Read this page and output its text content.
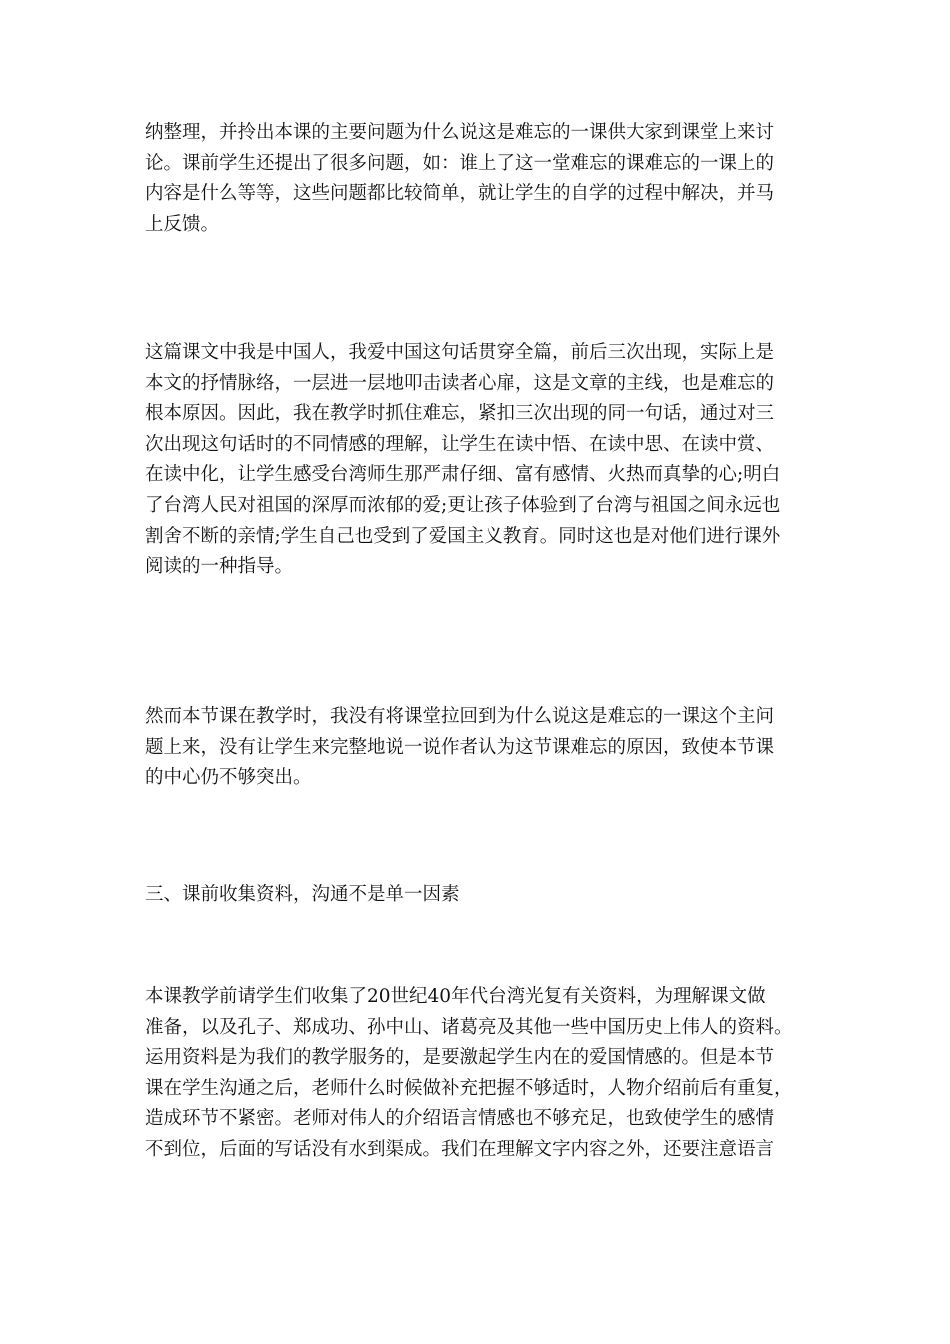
纳整理，并拎出本课的主要问题为什么说这是难忘的一课供大家到课堂上来讨
论。课前学生还提出了很多问题，如：谁上了这一堂难忘的课难忘的一课上的
内容是什么等等，这些问题都比较简单，就让学生的自学的过程中解决，并马
上反馈。
这篇课文中我是中国人，我爱中国这句话贯穿全篇，前后三次出现，实际上是
本文的抒情脉络，一层进一层地叩击读者心扉，这是文章的主线，也是难忘的
根本原因。因此，我在教学时抓住难忘，紧扣三次出现的同一句话，通过对三
次出现这句话时的不同情感的理解，让学生在读中悟、在读中思、在读中赏、
在读中化，让学生感受台湾师生那严肃仔细、富有感情、火热而真挚的心;明白
了台湾人民对祖国的深厚而浓郁的爱;更让孩子体验到了台湾与祖国之间永远也
割舍不断的亲情;学生自己也受到了爱国主义教育。同时这也是对他们进行课外
阅读的一种指导。
然而本节课在教学时，我没有将课堂拉回到为什么说这是难忘的一课这个主问
题上来，没有让学生来完整地说一说作者认为这节课难忘的原因，致使本节课
的中心仍不够突出。
三、课前收集资料，沟通不是单一因素
本课教学前请学生们收集了20世纪40年代台湾光复有关资料，为理解课文做
准备，以及孔子、郑成功、孙中山、诸葛亮及其他一些中国历史上伟人的资料。
运用资料是为我们的教学服务的，是要激起学生内在的爱国情感的。但是本节
课在学生沟通之后，老师什么时候做补充把握不够适时，人物介绍前后有重复，
造成环节不紧密。老师对伟人的介绍语言情感也不够充足，也致使学生的感情
不到位，后面的写话没有水到渠成。我们在理解文字内容之外，还要注意语言
